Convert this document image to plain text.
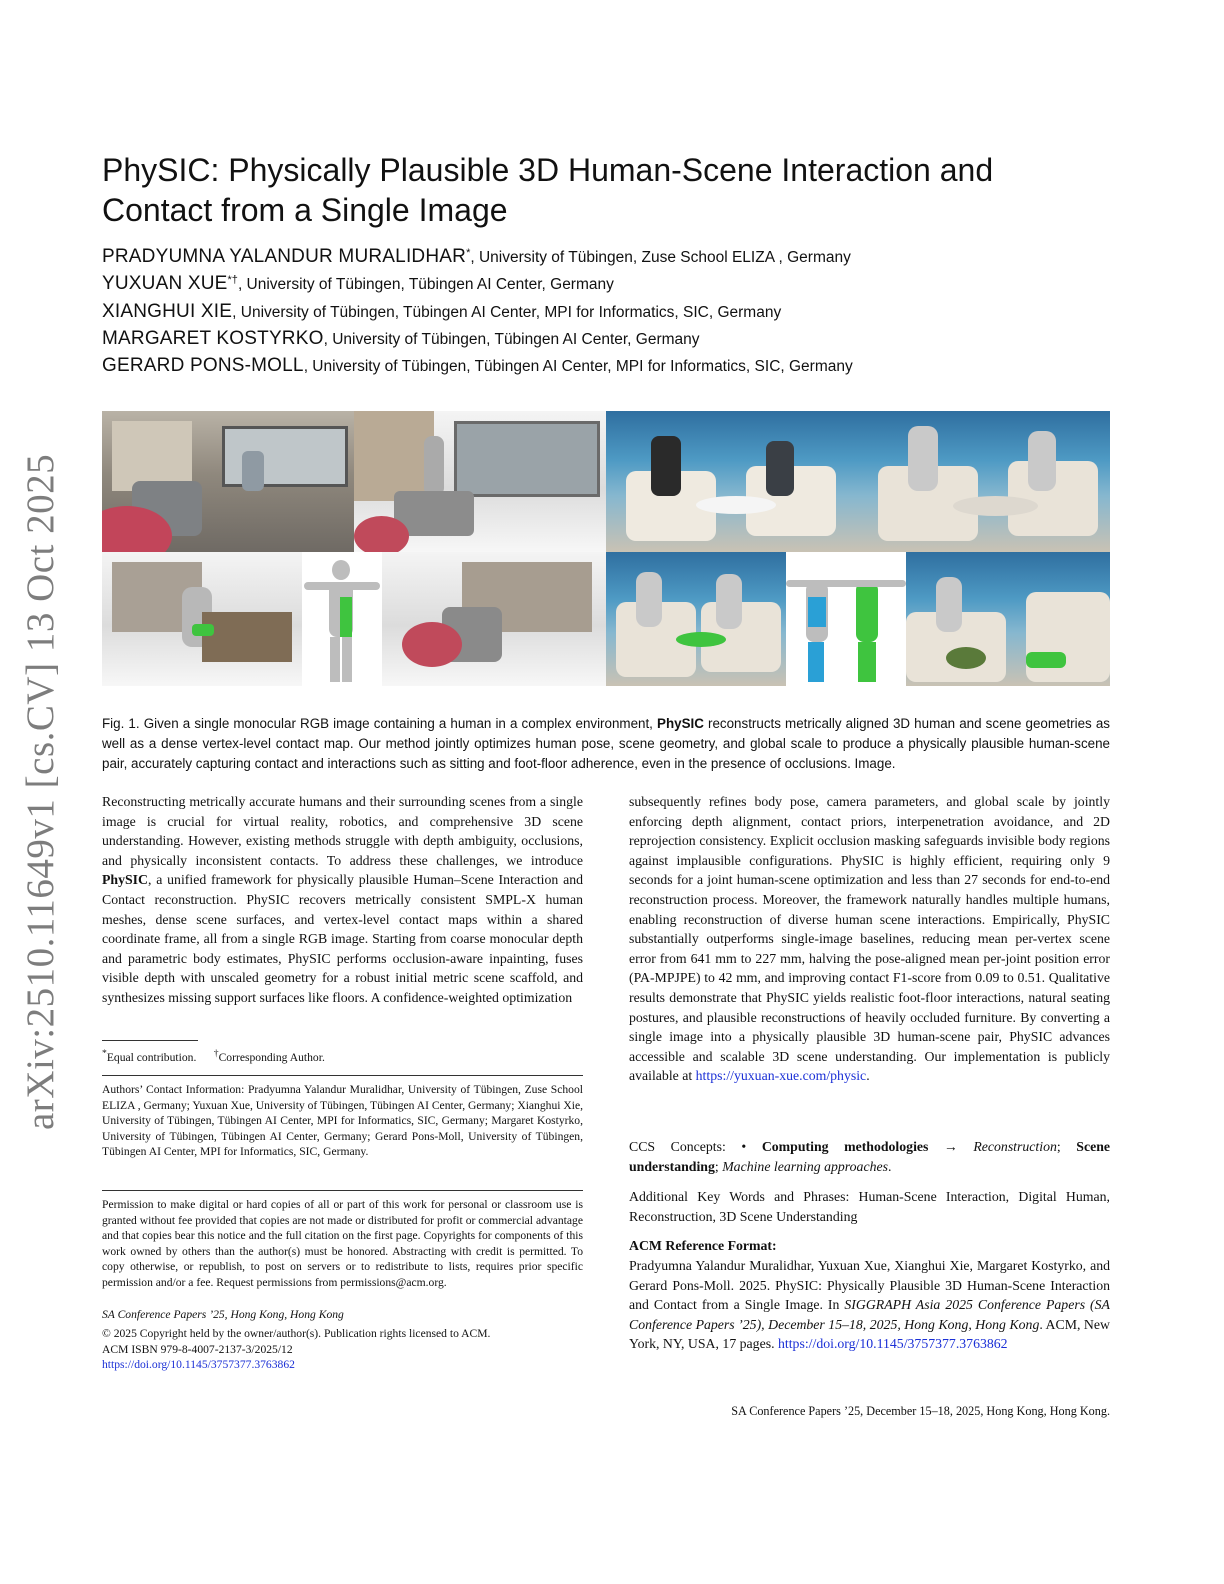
arXiv:2510.11649v1 [cs.CV] 13 Oct 2025
PhySIC: Physically Plausible 3D Human-Scene Interaction and Contact from a Single Image
PRADYUMNA YALANDUR MURALIDHAR*, University of Tübingen, Zuse School ELIZA , Germany
YUXUAN XUE*†, University of Tübingen, Tübingen AI Center, Germany
XIANGHUI XIE, University of Tübingen, Tübingen AI Center, MPI for Informatics, SIC, Germany
MARGARET KOSTYRKO, University of Tübingen, Tübingen AI Center, Germany
GERARD PONS-MOLL, University of Tübingen, Tübingen AI Center, MPI for Informatics, SIC, Germany
Fig. 1. Given a single monocular RGB image containing a human in a complex environment, PhySIC reconstructs metrically aligned 3D human and scene geometries as well as a dense vertex-level contact map. Our method jointly optimizes human pose, scene geometry, and global scale to produce a physically plausible human-scene pair, accurately capturing contact and interactions such as sitting and foot-floor adherence, even in the presence of occlusions. Image.
Reconstructing metrically accurate humans and their surrounding scenes from a single image is crucial for virtual reality, robotics, and comprehensive 3D scene understanding. However, existing methods struggle with depth ambiguity, occlusions, and physically inconsistent contacts. To address these challenges, we introduce PhySIC, a unified framework for physically plausible Human–Scene Interaction and Contact reconstruction. PhySIC recovers metrically consistent SMPL-X human meshes, dense scene surfaces, and vertex-level contact maps within a shared coordinate frame, all from a single RGB image. Starting from coarse monocular depth and parametric body estimates, PhySIC performs occlusion-aware inpainting, fuses visible depth with unscaled geometry for a robust initial metric scene scaffold, and synthesizes missing support surfaces like floors. A confidence-weighted optimization
*Equal contribution. †Corresponding Author.
Authors’ Contact Information: Pradyumna Yalandur Muralidhar, University of Tübingen, Zuse School ELIZA , Germany; Yuxuan Xue, University of Tübingen, Tübingen AI Center, Germany; Xianghui Xie, University of Tübingen, Tübingen AI Center, MPI for Informatics, SIC, Germany; Margaret Kostyrko, University of Tübingen, Tübingen AI Center, Germany; Gerard Pons-Moll, University of Tübingen, Tübingen AI Center, MPI for Informatics, SIC, Germany.
Permission to make digital or hard copies of all or part of this work for personal or classroom use is granted without fee provided that copies are not made or distributed for profit or commercial advantage and that copies bear this notice and the full citation on the first page. Copyrights for components of this work owned by others than the author(s) must be honored. Abstracting with credit is permitted. To copy otherwise, or republish, to post on servers or to redistribute to lists, requires prior specific permission and/or a fee. Request permissions from permissions@acm.org.
SA Conference Papers ’25, Hong Kong, Hong Kong
© 2025 Copyright held by the owner/author(s). Publication rights licensed to ACM.
ACM ISBN 979-8-4007-2137-3/2025/12
https://doi.org/10.1145/3757377.3763862
subsequently refines body pose, camera parameters, and global scale by jointly enforcing depth alignment, contact priors, interpenetration avoidance, and 2D reprojection consistency. Explicit occlusion masking safeguards invisible body regions against implausible configurations. PhySIC is highly efficient, requiring only 9 seconds for a joint human-scene optimization and less than 27 seconds for end-to-end reconstruction process. Moreover, the framework naturally handles multiple humans, enabling reconstruction of diverse human scene interactions. Empirically, PhySIC substantially outperforms single-image baselines, reducing mean per-vertex scene error from 641 mm to 227 mm, halving the pose-aligned mean per-joint position error (PA-MPJPE) to 42 mm, and improving contact F1-score from 0.09 to 0.51. Qualitative results demonstrate that PhySIC yields realistic foot-floor interactions, natural seating postures, and plausible reconstructions of heavily occluded furniture. By converting a single image into a physically plausible 3D human-scene pair, PhySIC advances accessible and scalable 3D scene understanding. Our implementation is publicly available at https://yuxuan-xue.com/physic.
CCS Concepts: • Computing methodologies → Reconstruction; Scene understanding; Machine learning approaches.
Additional Key Words and Phrases: Human-Scene Interaction, Digital Human, Reconstruction, 3D Scene Understanding
ACM Reference Format:
Pradyumna Yalandur Muralidhar, Yuxuan Xue, Xianghui Xie, Margaret Kostyrko, and Gerard Pons-Moll. 2025. PhySIC: Physically Plausible 3D Human-Scene Interaction and Contact from a Single Image. In SIGGRAPH Asia 2025 Conference Papers (SA Conference Papers ’25), December 15–18, 2025, Hong Kong, Hong Kong. ACM, New York, NY, USA, 17 pages. https://doi.org/10.1145/3757377.3763862
SA Conference Papers ’25, December 15–18, 2025, Hong Kong, Hong Kong.
